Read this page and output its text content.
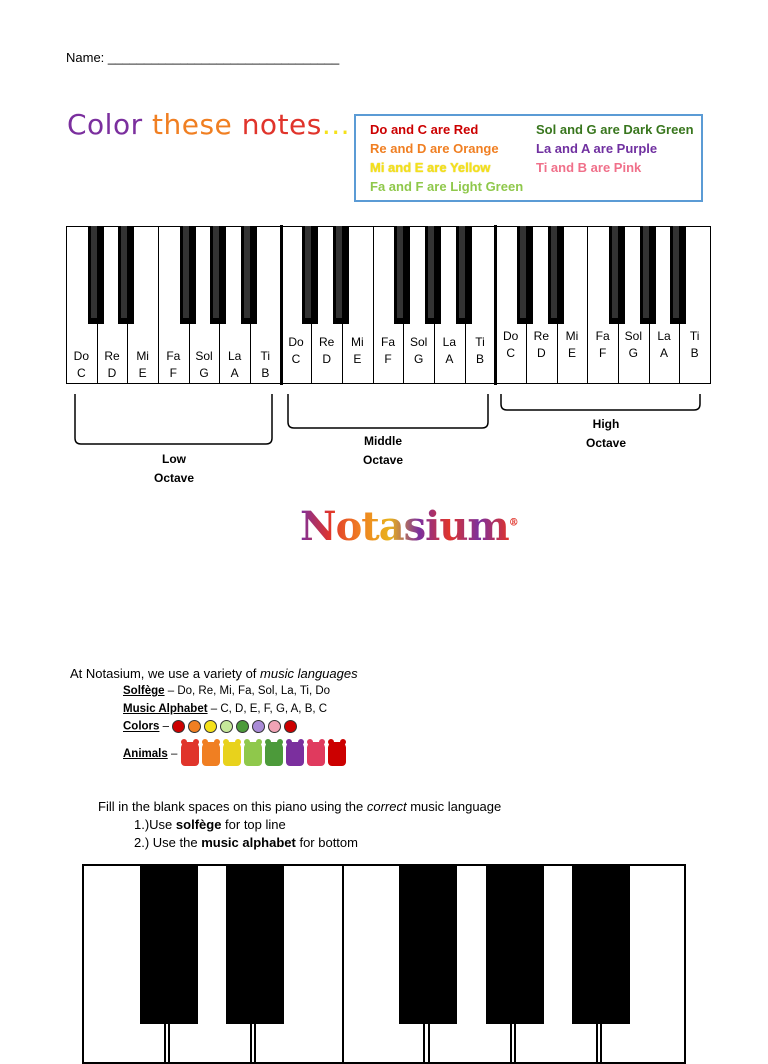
Name: ________________________________
Color these notes... Do and C are Red
Re and D are Orange
Mi and E are Yellow
Fa and F are Light Green
Sol and G are Dark Green
La and A are Purple
Ti and B are Pink
Do
C
Re
D
Mi
E
Fa
F
Sol
G
La
A
Ti
B
Do
C
Re
D
Mi
E
Fa
F
Sol
G
La
A
Ti
B
Do
C
Re
D
Mi
E
Fa
F
Sol
G
La
A
Ti
B
Low
Octave
Middle
Octave
High
Octave
Notasium®
At Notasium, we use a variety of music languages
Solfège – Do, Re, Mi, Fa, Sol, La, Ti, Do
Music Alphabet – C, D, E, F, G, A, B, C
Colors –
Animals –
Fill in the blank spaces on this piano using the correct music language
1.)Use solfège for top line
2.) Use the music alphabet for bottom
